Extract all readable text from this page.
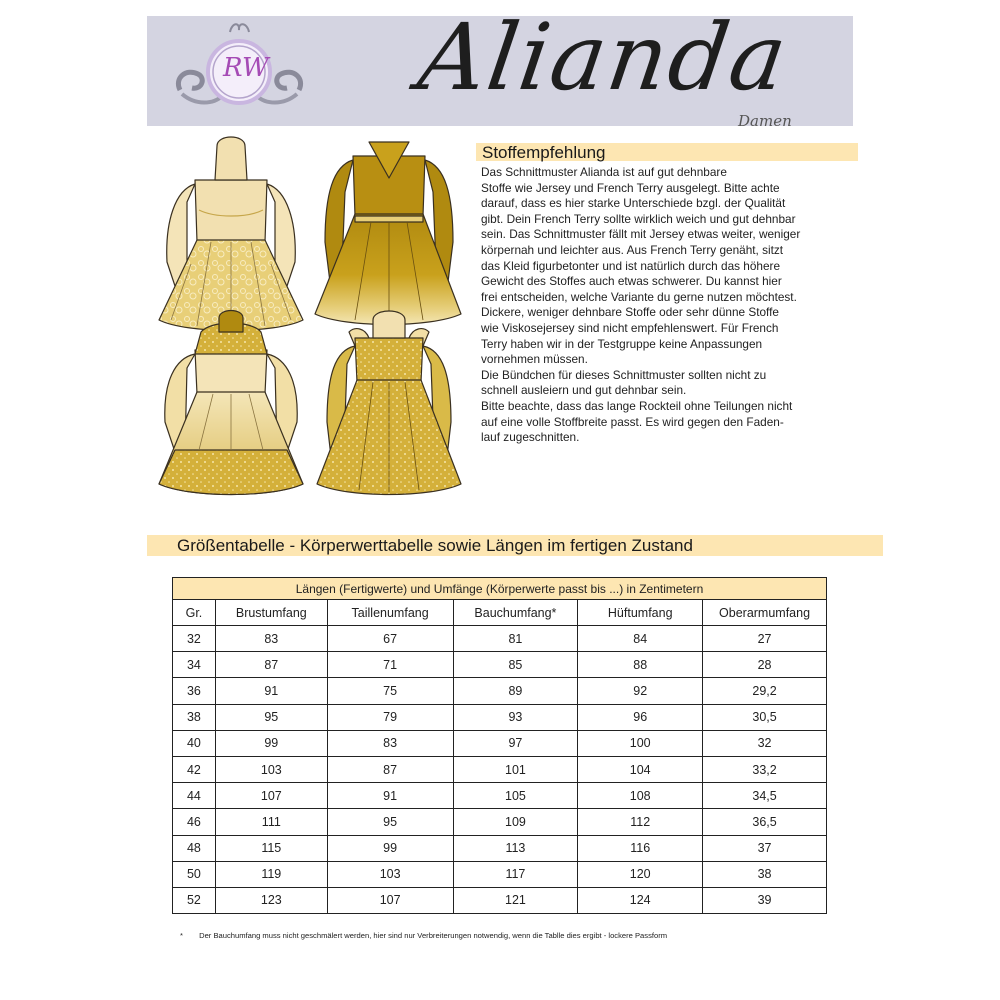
RW Alianda
Damen
Stoffempfehlung

Das Schnittmuster Alianda ist auf gut dehnbare

Stoffe wie Jersey und French Terry ausgelegt. Bitte achte

darauf, dass es hier starke Unterschiede bzgl. der Qualität

gibt. Dein French Terry sollte wirklich weich und gut dehnbar

sein. Das Schnittmuster fällt mit Jersey etwas weiter, weniger

körpernah und leichter aus. Aus French Terry genäht, sitzt

das Kleid figurbetonter und ist natürlich durch das höhere

Gewicht des Stoffes auch etwas schwerer. Du kannst hier

frei entscheiden, welche Variante du gerne nutzen möchtest.

Dickere, weniger dehnbare Stoffe oder sehr dünne Stoffe

wie Viskosejersey sind nicht empfehlenswert. Für French

Terry haben wir in der Testgruppe keine Anpassungen

vornehmen müssen.

Die Bündchen für dieses Schnittmuster sollten nicht zu

schnell ausleiern und gut dehnbar sein.

Bitte beachte, dass das lange Rockteil ohne Teilungen nicht

auf eine volle Stoffbreite passt. Es wird gegen den Faden-

lauf zugeschnitten.

Größentabelle - Körperwerttabelle sowie Längen im fertigen Zustand
Längen (Fertigwerte) und Umfänge (Körperwerte passt bis ...) in Zentimetern					
Gr.	Brustumfang	Taillenumfang	Bauchumfang*	Hüftumfang	Oberarmumfang
32	83	67	81	84	27
34	87	71	85	88	28
36	91	75	89	92	29,2
38	95	79	93	96	30,5
40	99	83	97	100	32
42	103	87	101	104	33,2
44	107	91	105	108	34,5
46	111	95	109	112	36,5
48	115	99	113	116	37
50	119	103	117	120	38
52	123	107	121	124	39
* Der Bauchumfang muss nicht geschmälert werden, hier sind nur Verbreiterungen notwendig, wenn die Tablle dies ergibt - lockere Passform
